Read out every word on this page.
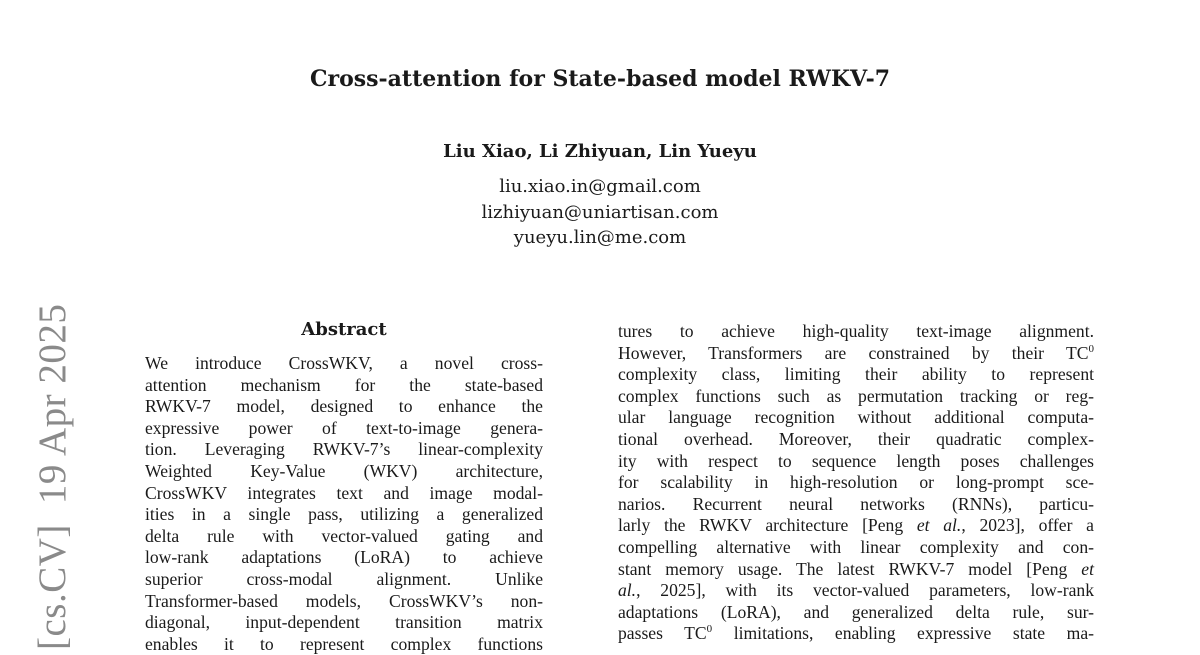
[cs.CV]19 Apr 2025
Cross-attention for State-based model RWKV-7
Liu Xiao, Li Zhiyuan, Lin Yueyu
liu.xiao.in@gmail.com
lizhiyuan@uniartisan.com
yueyu.lin@me.com
Abstract
We introduce CrossWKV, a novel cross-
attention mechanism for the state-based
RWKV-7 model, designed to enhance the
expressive power of text-to-image genera-
tion. Leveraging RWKV-7’s linear-complexity
Weighted Key-Value (WKV) architecture,
CrossWKV integrates text and image modal-
ities in a single pass, utilizing a generalized
delta rule with vector-valued gating and
low-rank adaptations (LoRA) to achieve
superior cross-modal alignment. Unlike
Transformer-based models, CrossWKV’s non-
diagonal, input-dependent transition matrix
enables it to represent complex functions
tures to achieve high-quality text-image alignment.
However, Transformers are constrained by their $TC^0$
complexity class, limiting their ability to represent
complex functions such as permutation tracking or reg-
ular language recognition without additional computa-
tional overhead. Moreover, their quadratic complex-
ity with respect to sequence length poses challenges
for scalability in high-resolution or long-prompt sce-
narios. Recurrent neural networks (RNNs), particu-
larly the RWKV architecture [Peng et al., 2023], offer a
compelling alternative with linear complexity and con-
stant memory usage. The latest RWKV-7 model [Peng et
al., 2025], with its vector-valued parameters, low-rank
adaptations (LoRA), and generalized delta rule, sur-
passes $TC^0$ limitations, enabling expressive state ma-
